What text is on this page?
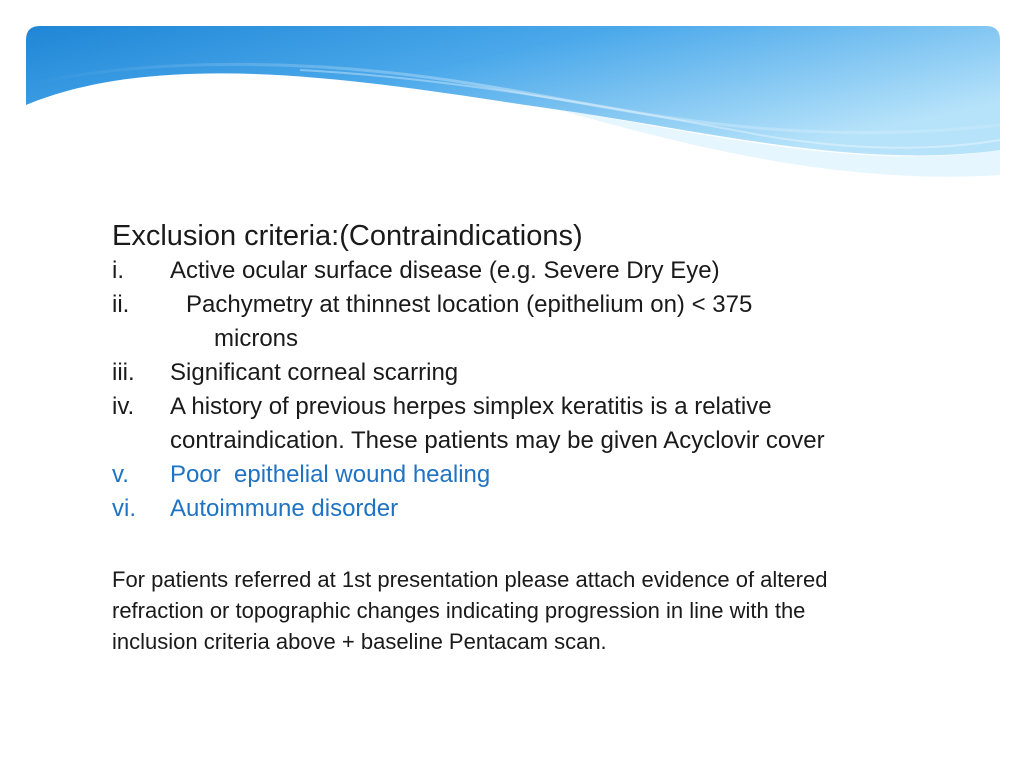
Exclusion criteria:(Contraindications)

i.	Active ocular surface disease (e.g. Severe Dry Eye)
ii.	Pachymetry at thinnest location (epithelium on) < 375
microns
iii.	Significant corneal scarring
iv.	A history of previous herpes simplex keratitis is a relative contraindication. These patients may be given Acyclovir cover
v.	Poor  epithelial wound healing
vi.	Autoimmune disorder

For patients referred at 1st presentation please attach evidence of altered refraction or topographic changes indicating progression in line with the inclusion criteria above + baseline Pentacam scan.
